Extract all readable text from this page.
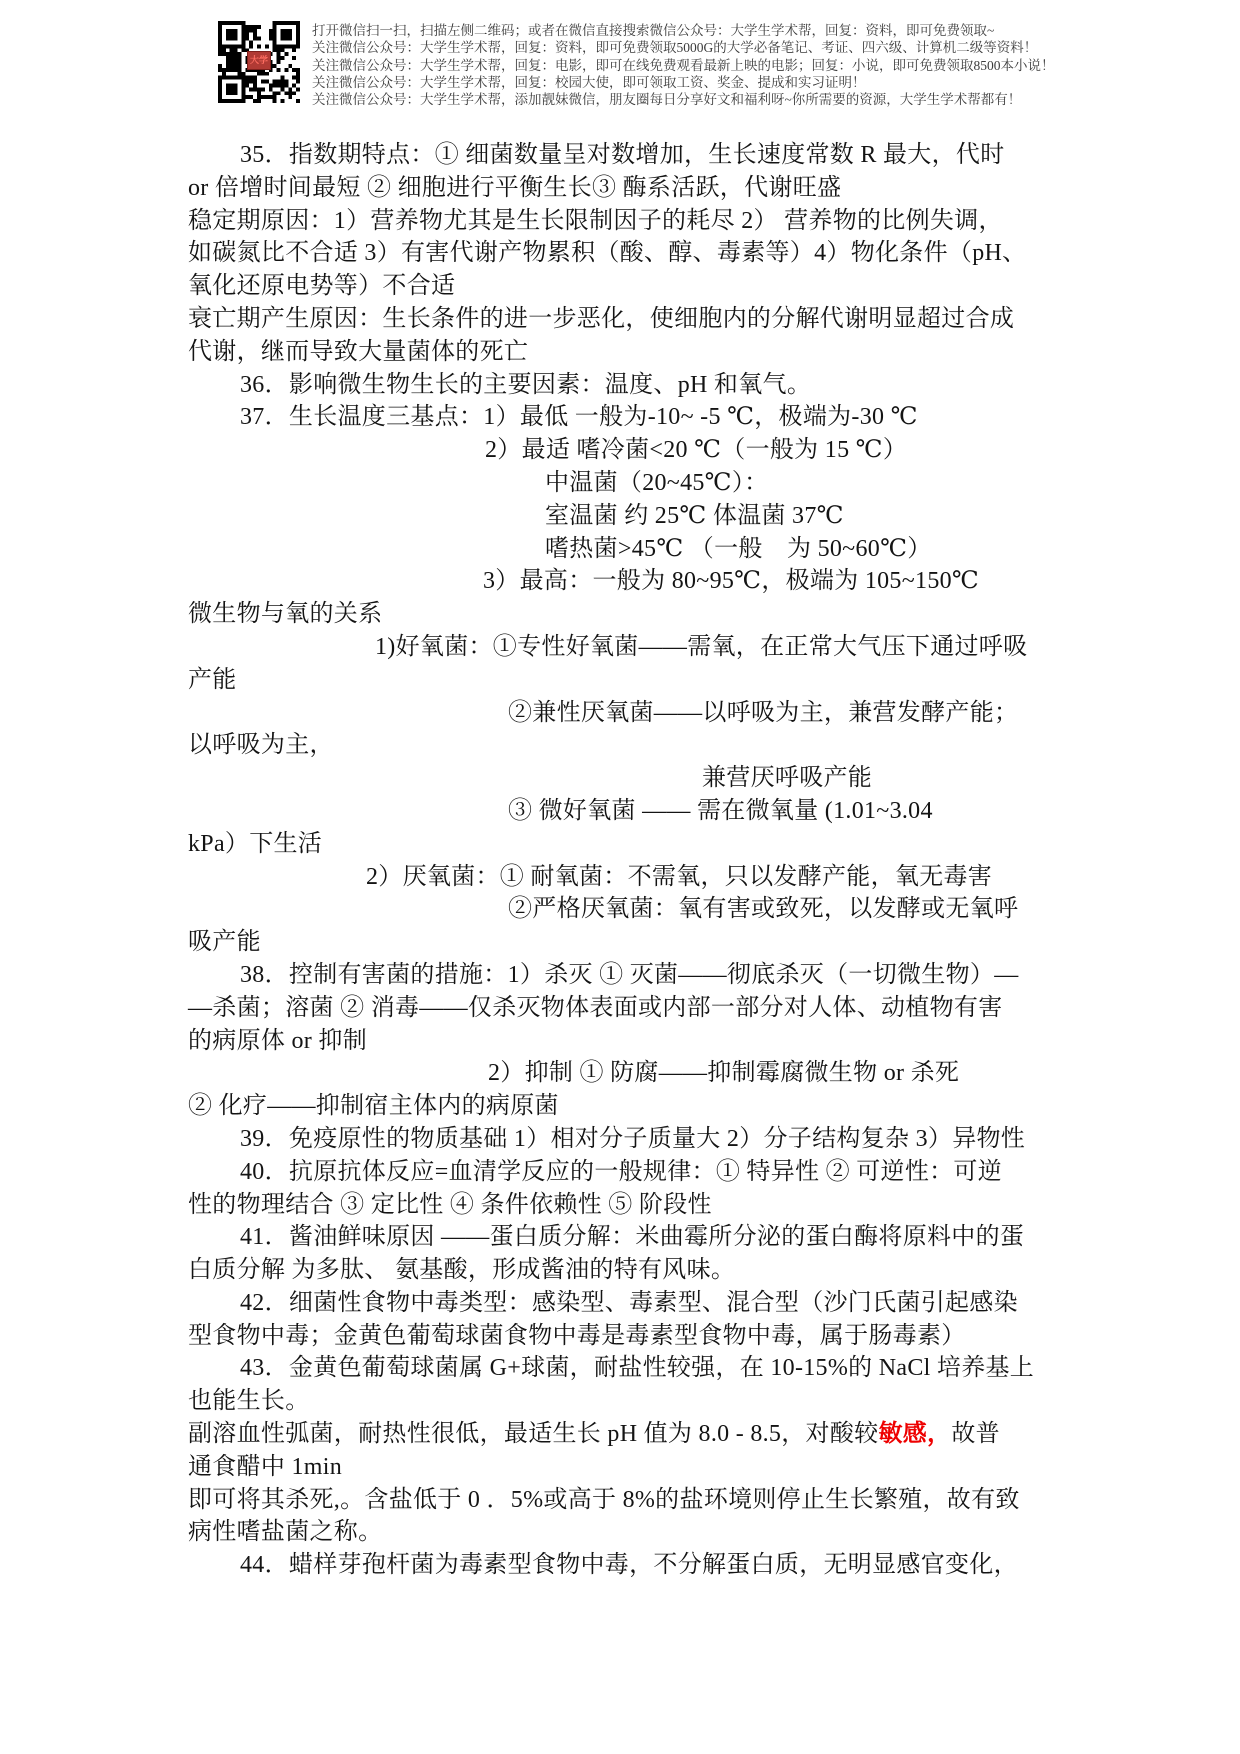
大学
打开微信扫一扫，扫描左侧二维码；或者在微信直接搜索微信公众号：大学生学术帮，回复：资料，即可免费领取~
关注微信公众号：大学生学术帮，回复：资料，即可免费领取5000G的大学必备笔记、考证、四六级、计算机二级等资料！
关注微信公众号：大学生学术帮，回复：电影，即可在线免费观看最新上映的电影；回复：小说，即可免费领取8500本小说！
关注微信公众号：大学生学术帮，回复：校园大使，即可领取工资、奖金、提成和实习证明！
关注微信公众号：大学生学术帮，添加靓妹微信，朋友圈每日分享好文和福利呀~你所需要的资源，大学生学术帮都有！
35．指数期特点：① 细菌数量呈对数增加，生长速度常数 R 最大，代时
or 倍增时间最短 ② 细胞进行平衡生长③ 酶系活跃，代谢旺盛
稳定期原因：1）营养物尤其是生长限制因子的耗尽 2） 营养物的比例失调，
如碳氮比不合适 3）有害代谢产物累积（酸、醇、毒素等）4）物化条件（pH、
氧化还原电势等）不合适
衰亡期产生原因：生长条件的进一步恶化，使细胞内的分解代谢明显超过合成
代谢，继而导致大量菌体的死亡
36．影响微生物生长的主要因素：温度、pH 和氧气。
37．生长温度三基点：1）最低 一般为-10~ -5 ℃，极端为-30 ℃
2）最适 嗜冷菌<20 ℃（一般为 15 ℃）
中温菌（20~45℃）：
室温菌 约 25℃ 体温菌 37℃
嗜热菌>45℃ （一般　为 50~60℃）
3）最高：一般为 80~95℃，极端为 105~150℃
微生物与氧的关系
1)好氧菌：①专性好氧菌——需氧，在正常大气压下通过呼吸
产能
②兼性厌氧菌——以呼吸为主，兼营发酵产能；
以呼吸为主，
兼营厌呼吸产能
③ 微好氧菌 —— 需在微氧量 (1.01~3.04
kPa）下生活
2）厌氧菌：① 耐氧菌：不需氧，只以发酵产能，氧无毒害
②严格厌氧菌：氧有害或致死，以发酵或无氧呼
吸产能
38．控制有害菌的措施：1）杀灭 ① 灭菌——彻底杀灭（一切微生物）—
—杀菌；溶菌 ② 消毒——仅杀灭物体表面或内部一部分对人体、动植物有害
的病原体 or 抑制
2）抑制 ① 防腐——抑制霉腐微生物 or 杀死
② 化疗——抑制宿主体内的病原菌
39．免疫原性的物质基础 1）相对分子质量大 2）分子结构复杂 3）异物性
40．抗原抗体反应=血清学反应的一般规律：① 特异性 ② 可逆性：可逆
性的物理结合 ③ 定比性 ④ 条件依赖性 ⑤ 阶段性
41．酱油鲜味原因 ——蛋白质分解：米曲霉所分泌的蛋白酶将原料中的蛋
白质分解 为多肽、 氨基酸，形成酱油的特有风味。
42．细菌性食物中毒类型：感染型、毒素型、混合型（沙门氏菌引起感染
型食物中毒；金黄色葡萄球菌食物中毒是毒素型食物中毒，属于肠毒素）
43．金黄色葡萄球菌属 G+球菌，耐盐性较强，在 10-15%的 NaCl 培养基上
也能生长。
副溶血性弧菌，耐热性很低，最适生长 pH 值为 8.0 - 8.5，对酸较敏感，故普
通食醋中 1min
即可将其杀死,。含盐低于 0 ．5%或高于 8%的盐环境则停止生长繁殖，故有致
病性嗜盐菌之称。
44．蜡样芽孢杆菌为毒素型食物中毒，不分解蛋白质，无明显感官变化，
